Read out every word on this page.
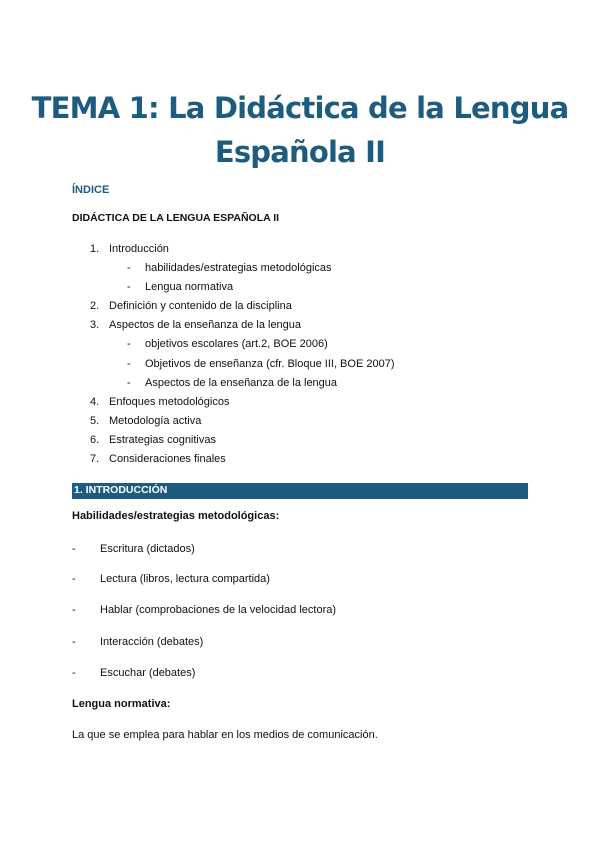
TEMA 1: La Didáctica de la Lengua
Española II
ÍNDICE
DIDÁCTICA DE LA LENGUA ESPAÑOLA II
1. Introducción
- habilidades/estrategias metodológicas
- Lengua normativa
2. Definición y contenido de la disciplina
3. Aspectos de la enseñanza de la lengua
- objetivos escolares (art.2, BOE 2006)
- Objetivos de enseñanza (cfr. Bloque III, BOE 2007)
- Aspectos de la enseñanza de la lengua
4. Enfoques metodológicos
5. Metodología activa
6. Estrategias cognitivas
7. Consideraciones finales
1. INTRODUCCIÓN
Habilidades/estrategias metodológicas:
- Escritura (dictados)
- Lectura (libros, lectura compartida)
- Hablar (comprobaciones de la velocidad lectora)
- Interacción (debates)
- Escuchar (debates)
Lengua normativa:
La que se emplea para hablar en los medios de comunicación.
